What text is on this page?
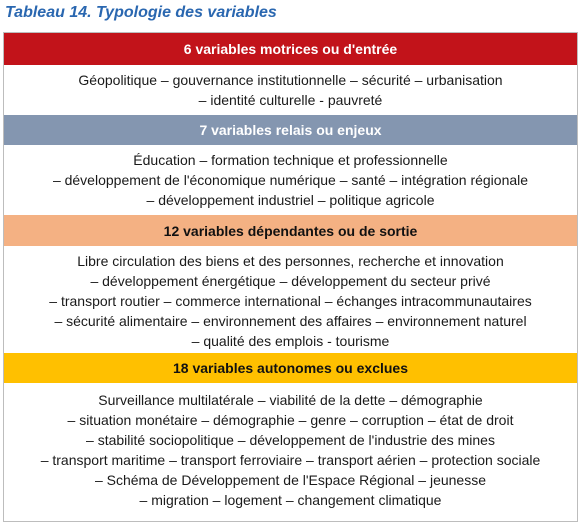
Tableau 14. Typologie des variables
6 variables motrices ou d'entrée
Géopolitique – gouvernance institutionnelle – sécurité – urbanisation
– identité culturelle - pauvreté
7 variables relais ou enjeux
Éducation – formation technique et professionnelle
– développement de l'économique numérique – santé – intégration régionale
– développement industriel – politique agricole
12 variables dépendantes ou de sortie
Libre circulation des biens et des personnes, recherche et innovation
– développement énergétique – développement du secteur privé
– transport routier – commerce international – échanges intracommunautaires
– sécurité alimentaire – environnement des affaires – environnement naturel
– qualité des emplois - tourisme
18 variables autonomes ou exclues
Surveillance multilatérale – viabilité de la dette – démographie
– situation monétaire – démographie – genre – corruption – état de droit
– stabilité sociopolitique – développement de l'industrie des mines
– transport maritime – transport ferroviaire – transport aérien – protection sociale
– Schéma de Développement de l'Espace Régional – jeunesse
– migration – logement – changement climatique
